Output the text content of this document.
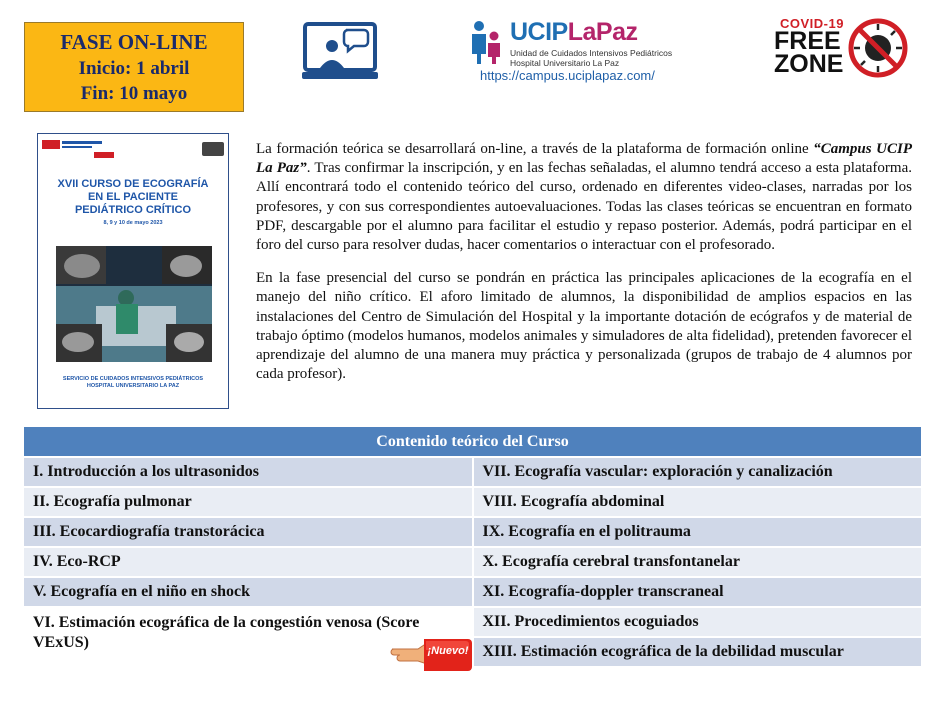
FASE ON-LINE
Inicio: 1 abril
Fin: 10 mayo
UCIPLaPaz
Unidad de Cuidados Intensivos Pediátricos
Hospital Universitario La Paz
https://campus.uciplapaz.com/
COVID-19
FREE
ZONE
XVII CURSO DE ECOGRAFÍA
EN EL PACIENTE
PEDIÁTRICO CRÍTICO
8, 9 y 10 de mayo 2023
SERVICIO DE CUIDADOS INTENSIVOS PEDIÁTRICOS
HOSPITAL UNIVERSITARIO LA PAZ

La formación teórica se desarrollará on-line, a través de la plataforma de formación online “Campus UCIP La Paz”. Tras confirmar la inscripción, y en las fechas señaladas, el alumno tendrá acceso a esta plataforma. Allí encontrará todo el contenido teórico del curso, ordenado en diferentes video-clases, narradas por los profesores, y con sus correspondientes autoevaluaciones. Todas las clases teóricas se encuentran en formato PDF, descargable por el alumno para facilitar el estudio y repaso posterior. Además, podrá participar en el foro del curso para resolver dudas, hacer comentarios o interactuar con el profesorado.

En la fase presencial del curso se pondrán en práctica las principales aplicaciones de la ecografía en el manejo del niño crítico. El aforo limitado de alumnos, la disponibilidad de amplios espacios en las instalaciones del Centro de Simulación del Hospital y la importante dotación de ecógrafos y de material de trabajo óptimo (modelos humanos, modelos animales y simuladores de alta fidelidad), pretenden favorecer el aprendizaje del alumno de una manera muy práctica y personalizada (grupos de trabajo de 4 alumnos por cada profesor).

Contenido teórico del Curso
I. Introducción a los ultrasonidos
II. Ecografía pulmonar
III. Ecocardiografía transtorácica
IV. Eco-RCP
V. Ecografía en el niño en shock
VI. Estimación ecográfica de la congestión venosa (Score VExUS)
VII. Ecografía vascular: exploración y canalización
VIII. Ecografía abdominal
IX. Ecografía en el politrauma
X. Ecografía cerebral transfontanelar
XI. Ecografía-doppler transcraneal
XII. Procedimientos ecoguiados
XIII. Estimación ecográfica de la debilidad muscular
¡Nuevo!
